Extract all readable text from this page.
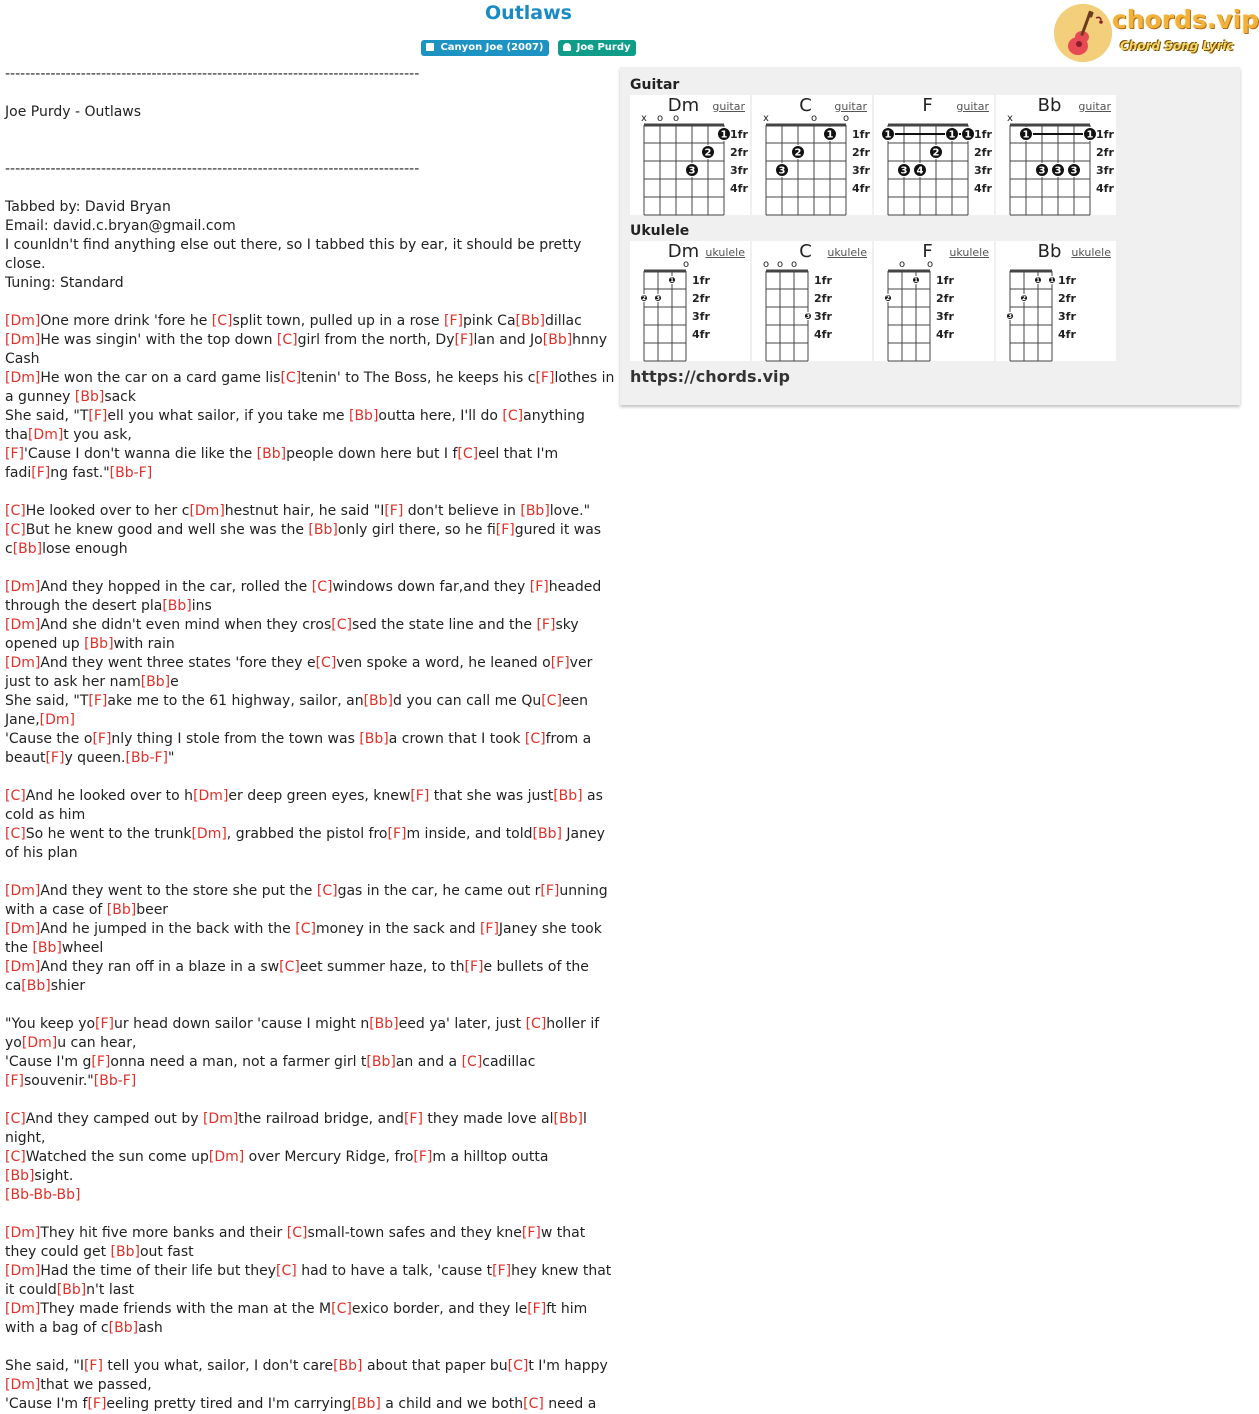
Outlaws
Canyon Joe (2007)	Joe Purdy
chords.vip
Chord Song Lyric
----------------------------------------------------------------------------------
Joe Purdy - Outlaws
----------------------------------------------------------------------------------
Tabbed by: David Bryan
Email: david.c.bryan@gmail.com
I counldn't find anything else out there, so I tabbed this by ear, it should be pretty close.
Tuning: Standard
[Dm]One more drink 'fore he [C]split town, pulled up in a rose [F]pink Ca[Bb]dillac
[Dm]He was singin' with the top down [C]girl from the north, Dy[F]lan and Jo[Bb]hnny Cash
[Dm]He won the car on a card game lis[C]tenin' to The Boss, he keeps his c[F]lothes in a gunney [Bb]sack
She said, "T[F]ell you what sailor, if you take me [Bb]outta here, I'll do [C]anything tha[Dm]t you ask,
[F]'Cause I don't wanna die like the [Bb]people down here but I f[C]eel that I'm fadi[F]ng fast."[Bb-F]
[C]He looked over to her c[Dm]hestnut hair, he said "I[F] don't believe in [Bb]love."
[C]But he knew good and well she was the [Bb]only girl there, so he fi[F]gured it was c[Bb]lose enough
[Dm]And they hopped in the car, rolled the [C]windows down far,and they [F]headed through the desert pla[Bb]ins
[Dm]And she didn't even mind when they cros[C]sed the state line and the [F]sky opened up [Bb]with rain
[Dm]And they went three states 'fore they e[C]ven spoke a word, he leaned o[F]ver just to ask her nam[Bb]e
She said, "T[F]ake me to the 61 highway, sailor, an[Bb]d you can call me Qu[C]een Jane,[Dm]
'Cause the o[F]nly thing I stole from the town was [Bb]a crown that I took [C]from a beaut[F]y queen.[Bb-F]"
[C]And he looked over to h[Dm]er deep green eyes, knew[F] that she was just[Bb] as cold as him
[C]So he went to the trunk[Dm], grabbed the pistol fro[F]m inside, and told[Bb] Janey of his plan
[Dm]And they went to the store she put the [C]gas in the car, he came out r[F]unning with a case of [Bb]beer
[Dm]And he jumped in the back with the [C]money in the sack and [F]Janey she took the [Bb]wheel
[Dm]And they ran off in a blaze in a sw[C]eet summer haze, to th[F]e bullets of the ca[Bb]shier
"You keep yo[F]ur head down sailor 'cause I might n[Bb]eed ya' later, just [C]holler if yo[Dm]u can hear,
'Cause I'm g[F]onna need a man, not a farmer girl t[Bb]an and a [C]cadillac [F]souvenir."[Bb-F]
[C]And they camped out by [Dm]the railroad bridge, and[F] they made love al[Bb]l night,
[C]Watched the sun come up[Dm] over Mercury Ridge, fro[F]m a hilltop outta [Bb]sight.
[Bb-Bb-Bb]
[Dm]They hit five more banks and their [C]small-town safes and they kne[F]w that they could get [Bb]out fast
[Dm]Had the time of their life but they[C] had to have a talk, 'cause t[F]hey knew that it could[Bb]n't last
[Dm]They made friends with the man at the M[C]exico border, and they le[F]ft him with a bag of c[Bb]ash
She said, "I[F] tell you what, sailor, I don't care[Bb] about that paper bu[C]t I'm happy [Dm]that we passed,
'Cause I'm f[F]eeling pretty tired and I'm carrying[Bb] a child and we both[C] need a
Guitar
1fr
2fr
3fr
4fr
x o o
1
2
3
Dm	guitar
1fr
2fr
3fr
4fr
x	o	o
1
2
3
C	guitar
1fr
2fr
3fr
4fr
1	1 1
2
3 4
F	guitar
1fr
2fr
3fr
4fr
x
1	1
3 3 3
Bb	guitar
Ukulele
1fr
2fr
3fr
4fr
o
1
2 3
Dm ukulele
1fr
2fr
3fr
4fr
o o o
3
C	ukulele
1fr
2fr
3fr
4fr
o o
1
2
F	ukulele
1fr
2fr
3fr
4fr
1 1
2
3
Bb ukulele
https://chords.vip
